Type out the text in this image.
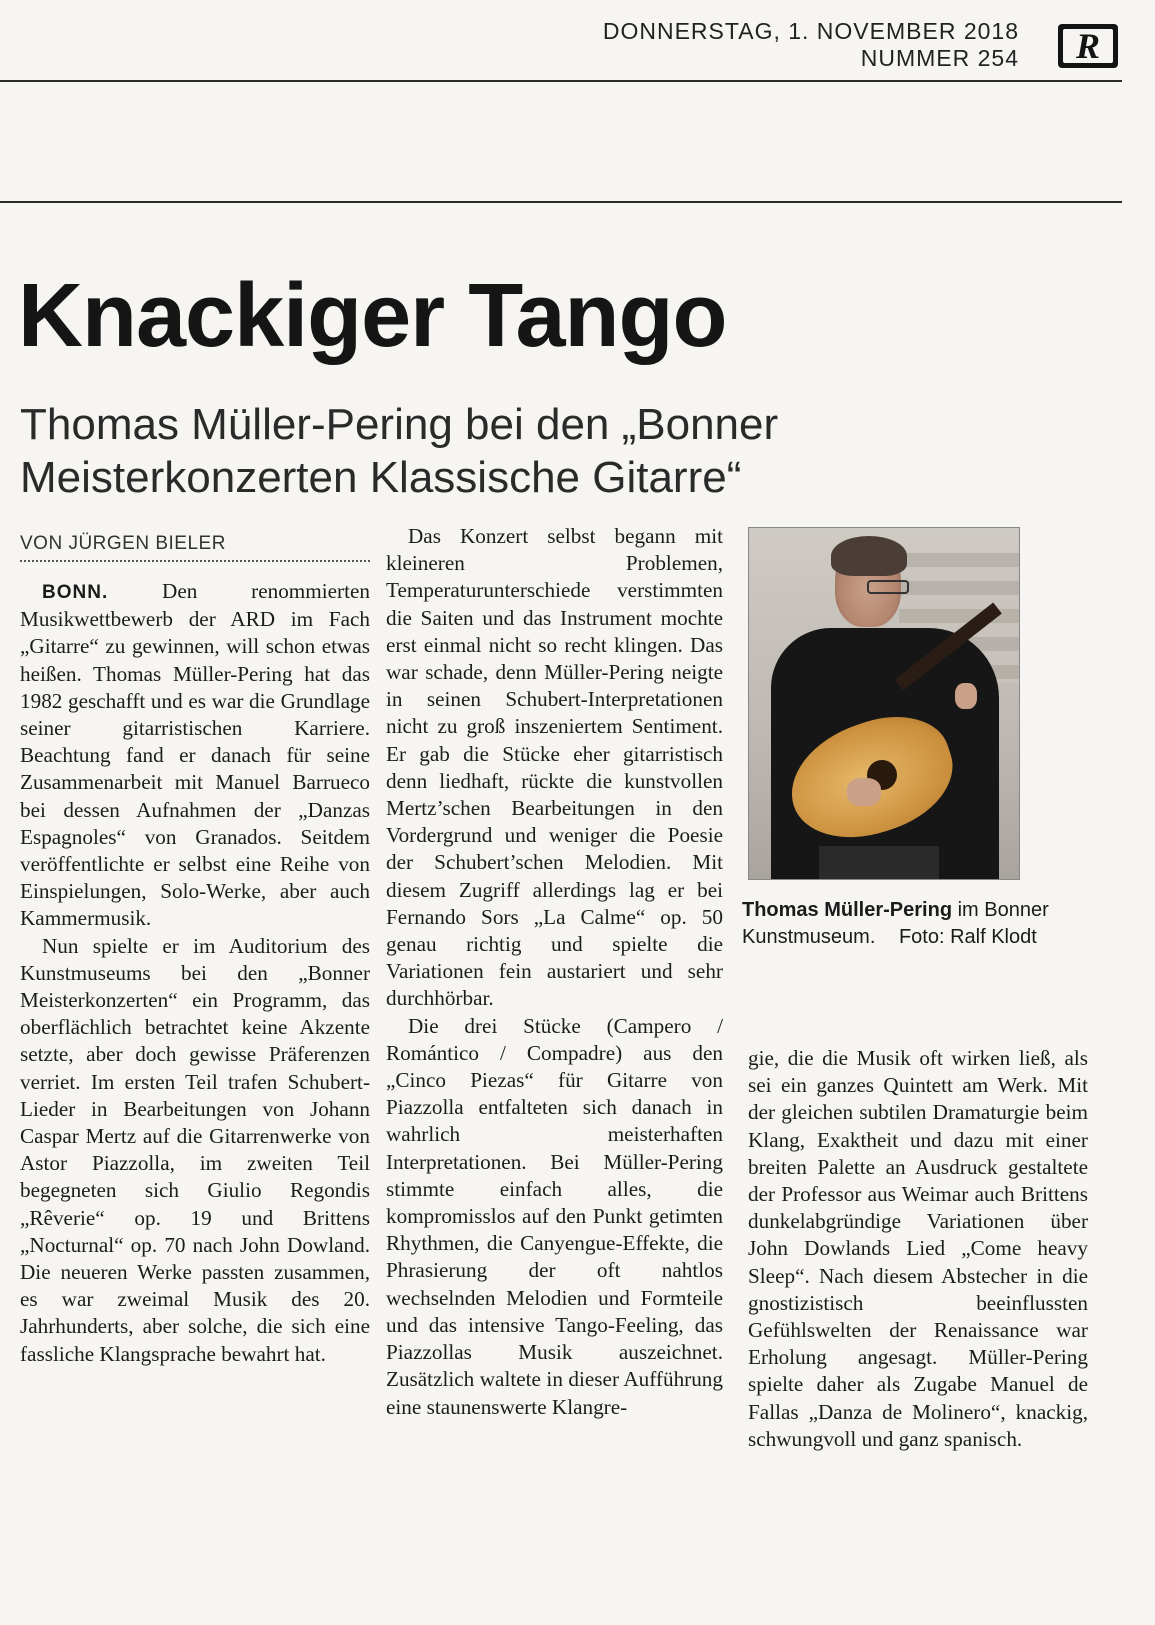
DONNERSTAG, 1. NOVEMBER 2018
NUMMER 254	R
Knackiger Tango
Thomas Müller-Pering bei den „Bonner Meisterkonzerten Klassische Gitarre“
VON JÜRGEN BIELER

BONN.	Den renommierten Musikwettbewerb der ARD im Fach „Gitarre“ zu gewinnen, will schon etwas heißen. Thomas Müller-Pering hat das 1982 geschafft und es war die Grundlage seiner gitarristischen Karriere. Beachtung fand er danach für seine Zusammenarbeit mit Manuel Barrueco bei dessen Aufnahmen der „Danzas Espagnoles“ von Granados. Seitdem veröffentlichte er selbst eine Reihe von Einspielungen, Solo-Werke, aber auch Kammermusik.

Nun spielte er im Auditorium des Kunstmuseums bei den „Bonner Meisterkonzerten“ ein Programm, das oberflächlich betrachtet keine Akzente setzte, aber doch gewisse Präferenzen verriet. Im ersten Teil trafen Schubert-Lieder in Bearbeitungen von Johann Caspar Mertz auf die Gitarrenwerke von Astor Piazzolla, im zweiten Teil begegneten sich Giulio Regondis „Rêverie“ op. 19 und Brittens „Nocturnal“ op. 70 nach John Dowland. Die neueren Werke passten zusammen, es war zweimal Musik des 20. Jahrhunderts, aber solche, die sich eine fassliche Klangsprache bewahrt hat.

Das Konzert selbst begann mit kleineren Problemen, Temperaturunterschiede verstimmten die Saiten und das Instrument mochte erst einmal nicht so recht klingen. Das war schade, denn Müller-Pering neigte in seinen Schubert-Interpretationen nicht zu groß inszeniertem Sentiment. Er gab die Stücke eher gitarristisch denn liedhaft, rückte die kunstvollen Mertz’schen Bearbeitungen in den Vordergrund und weniger die Poesie der Schubert’schen Melodien. Mit diesem Zugriff allerdings lag er bei Fernando Sors „La Calme“ op. 50 genau richtig und spielte die Variationen fein austariert und sehr durchhörbar.

Die drei Stücke (Campero / Romántico / Compadre) aus den „Cinco Piezas“ für Gitarre von Piazzolla entfalteten sich danach in wahrlich meisterhaften Interpretationen. Bei Müller-Pering stimmte einfach alles, die kompromisslos auf den Punkt getimten Rhythmen, die Canyengue-Effekte, die Phrasierung der oft nahtlos wechselnden Melodien und Formteile und das intensive Tango-Feeling, das Piazzollas Musik auszeichnet. Zusätzlich waltete in dieser Aufführung eine staunenswerte Klangre-

Thomas Müller-Pering im Bonner Kunstmuseum. Foto: Ralf Klodt

gie, die die Musik oft wirken ließ, als sei ein ganzes Quintett am Werk. Mit der gleichen subtilen Dramaturgie beim Klang, Exaktheit und dazu mit einer breiten Palette an Ausdruck gestaltete der Professor aus Weimar auch Brittens dunkelabgründige Variationen über John Dowlands Lied „Come heavy Sleep“. Nach diesem Abstecher in die gnostizistisch beeinflussten Gefühlswelten der Renaissance war Erholung angesagt. Müller-Pering spielte daher als Zugabe Manuel de Fallas „Danza de Molinero“, knackig, schwungvoll und ganz spanisch.
